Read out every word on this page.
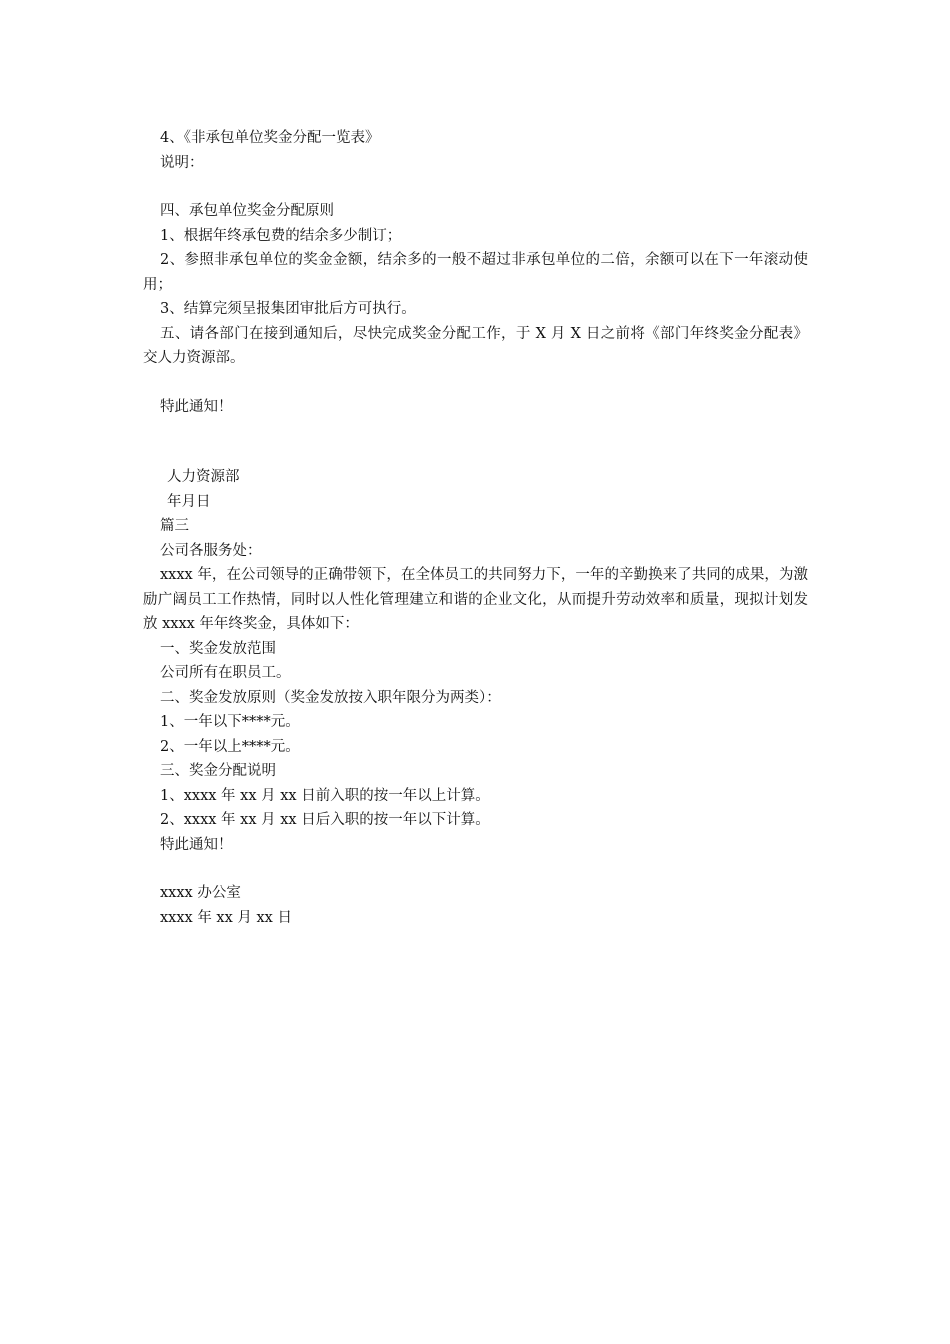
4、《非承包单位奖金分配一览表》

说明：

四、承包单位奖金分配原则

1、根据年终承包费的结余多少制订；

2、参照非承包单位的奖金金额，结余多的一般不超过非承包单位的二倍，余额可以在下一年滚动使用；

3、结算完须呈报集团审批后方可执行。

五、请各部门在接到通知后，尽快完成奖金分配工作，于 X 月 X 日之前将《部门年终奖金分配表》交人力资源部。

特此通知！

人力资源部

年月日

篇三

公司各服务处：

xxxx 年，在公司领导的正确带领下，在全体员工的共同努力下，一年的辛勤换来了共同的成果，为激励广阔员工工作热情，同时以人性化管理建立和谐的企业文化，从而提升劳动效率和质量，现拟计划发放 xxxx 年年终奖金，具体如下：

一、奖金发放范围

公司所有在职员工。

二、奖金发放原则（奖金发放按入职年限分为两类）：

1、一年以下****元。

2、一年以上****元。

三、奖金分配说明

1、xxxx 年 xx 月 xx 日前入职的按一年以上计算。

2、xxxx 年 xx 月 xx 日后入职的按一年以下计算。

特此通知！

xxxx 办公室

xxxx 年 xx 月 xx 日
